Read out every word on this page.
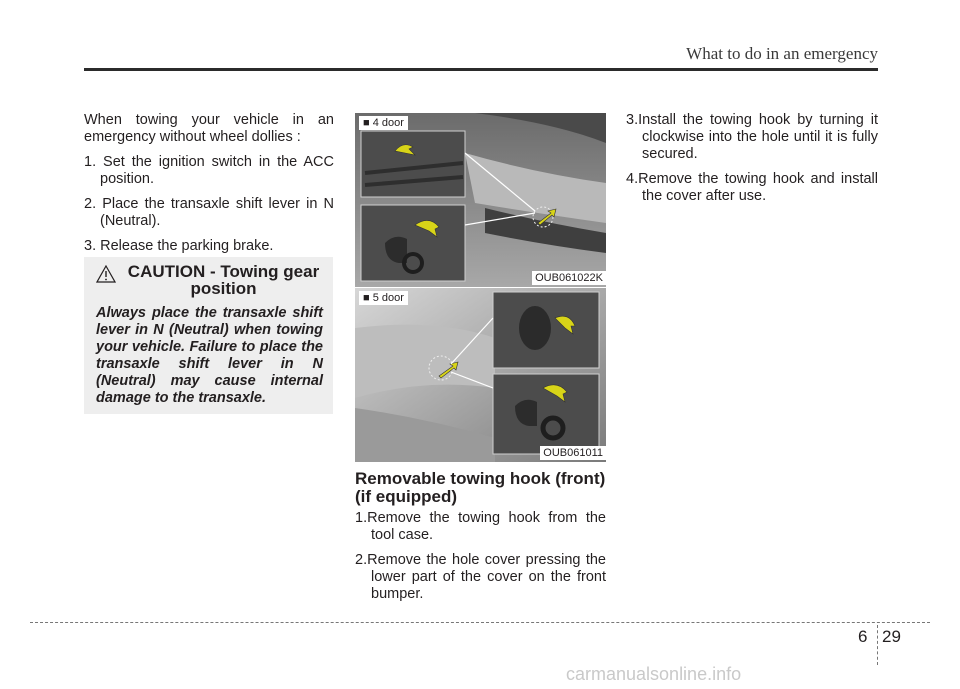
What to do in an emergency

When towing your vehicle in an emergency without wheel dollies :

1. Set the ignition switch in the ACC position.

2. Place the transaxle shift lever in N (Neutral).

3. Release the parking brake.

CAUTION - Towing gear position
Always place the transaxle shift lever in N (Neutral) when towing your vehicle. Failure to place the transaxle shift lever in N (Neutral) may cause internal damage to the transaxle.
■ 4 door
OUB061022K
■ 5 door
OUB061011
Removable towing hook (front) (if equipped)

1.Remove the towing hook from the tool case.

2.Remove the hole cover pressing the lower part of the cover on the front bumper.

3.Install the towing hook by turning it clockwise into the hole until it is fully secured.

4.Remove the towing hook and install the cover after use.

6 29
carmanualsonline.info
